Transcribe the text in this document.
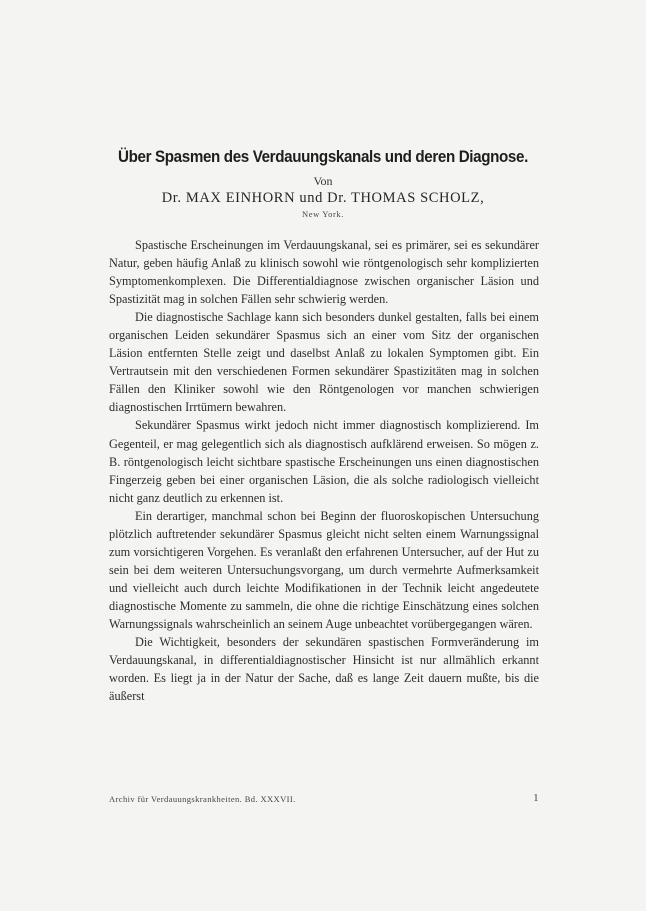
Über Spasmen des Verdauungskanals und deren Diagnose.
Von
Dr. MAX EINHORN und Dr. THOMAS SCHOLZ,
New York.

Spastische Erscheinungen im Verdauungskanal, sei es primärer, sei es sekundärer Natur, geben häufig Anlaß zu klinisch sowohl wie röntgenologisch sehr komplizierten Symptomenkomplexen. Die Differentialdiagnose zwischen organischer Läsion und Spastizität mag in solchen Fällen sehr schwierig werden.

Die diagnostische Sachlage kann sich besonders dunkel gestalten, falls bei einem organischen Leiden sekundärer Spasmus sich an einer vom Sitz der organischen Läsion entfernten Stelle zeigt und daselbst Anlaß zu lokalen Symptomen gibt. Ein Vertrautsein mit den verschiedenen Formen sekundärer Spastizitäten mag in solchen Fällen den Kliniker sowohl wie den Röntgenologen vor manchen schwierigen diagnostischen Irrtümern bewahren.

Sekundärer Spasmus wirkt jedoch nicht immer diagnostisch komplizierend. Im Gegenteil, er mag gelegentlich sich als diagnostisch aufklärend erweisen. So mögen z. B. röntgenologisch leicht sichtbare spastische Erscheinungen uns einen diagnostischen Fingerzeig geben bei einer organischen Läsion, die als solche radiologisch vielleicht nicht ganz deutlich zu erkennen ist.

Ein derartiger, manchmal schon bei Beginn der fluoroskopischen Untersuchung plötzlich auftretender sekundärer Spasmus gleicht nicht selten einem Warnungssignal zum vorsichtigeren Vorgehen. Es veranlaßt den erfahrenen Untersucher, auf der Hut zu sein bei dem weiteren Untersuchungsvorgang, um durch vermehrte Aufmerksamkeit und vielleicht auch durch leichte Modifikationen in der Technik leicht angedeutete diagnostische Momente zu sammeln, die ohne die richtige Einschätzung eines solchen Warnungssignals wahrscheinlich an seinem Auge unbeachtet vorübergegangen wären.

Die Wichtigkeit, besonders der sekundären spastischen Formveränderung im Verdauungskanal, in differentialdiagnostischer Hinsicht ist nur allmählich erkannt worden. Es liegt ja in der Natur der Sache, daß es lange Zeit dauern mußte, bis die äußerst

Archiv für Verdauungskrankheiten. Bd. XXXVII.	1
